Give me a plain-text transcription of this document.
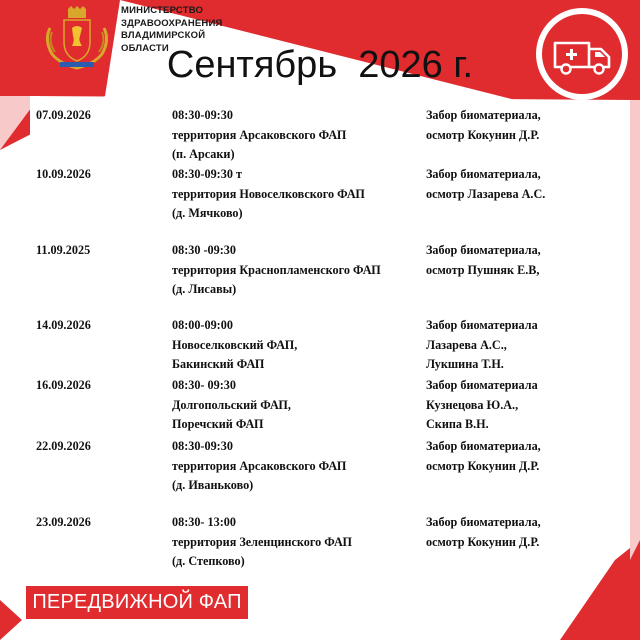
МИНИСТЕРСТВО
ЗДРАВООХРАНЕНИЯ
ВЛАДИМИРСКОЙ
ОБЛАСТИ
Сентябрь  2026 г.
07.09.2026	08:30-09:30
территория Арсаковского ФАП
(п. Арсаки)
Забор биоматериала,
осмотр Кокунин Д.Р.
10.09.2026	08:30-09:30 т
территория Новоселковского ФАП
(д. Мячково)
Забор биоматериала,
осмотр Лазарева А.С.
11.09.2025	08:30 -09:30
территория Краснопламенского ФАП
(д. Лисавы)
Забор биоматериала,
осмотр Пушняк Е.В,
14.09.2026	08:00-09:00
Новоселковский ФАП,
Бакинский ФАП
Забор биоматериала
Лазарева А.С.,
Лукшина Т.Н.
16.09.2026	08:30- 09:30
Долгопольский ФАП,
Поречский ФАП
Забор биоматериала
Кузнецова Ю.А.,
Скипа В.Н.
22.09.2026	08:30-09:30
территория Арсаковского ФАП
(д. Иваньково)
Забор биоматериала,
осмотр Кокунин Д.Р.
23.09.2026	08:30- 13:00
территория Зеленцинского ФАП
(д. Степково)
Забор биоматериала,
осмотр Кокунин Д.Р.
ПЕРЕДВИЖНОЙ ФАП
